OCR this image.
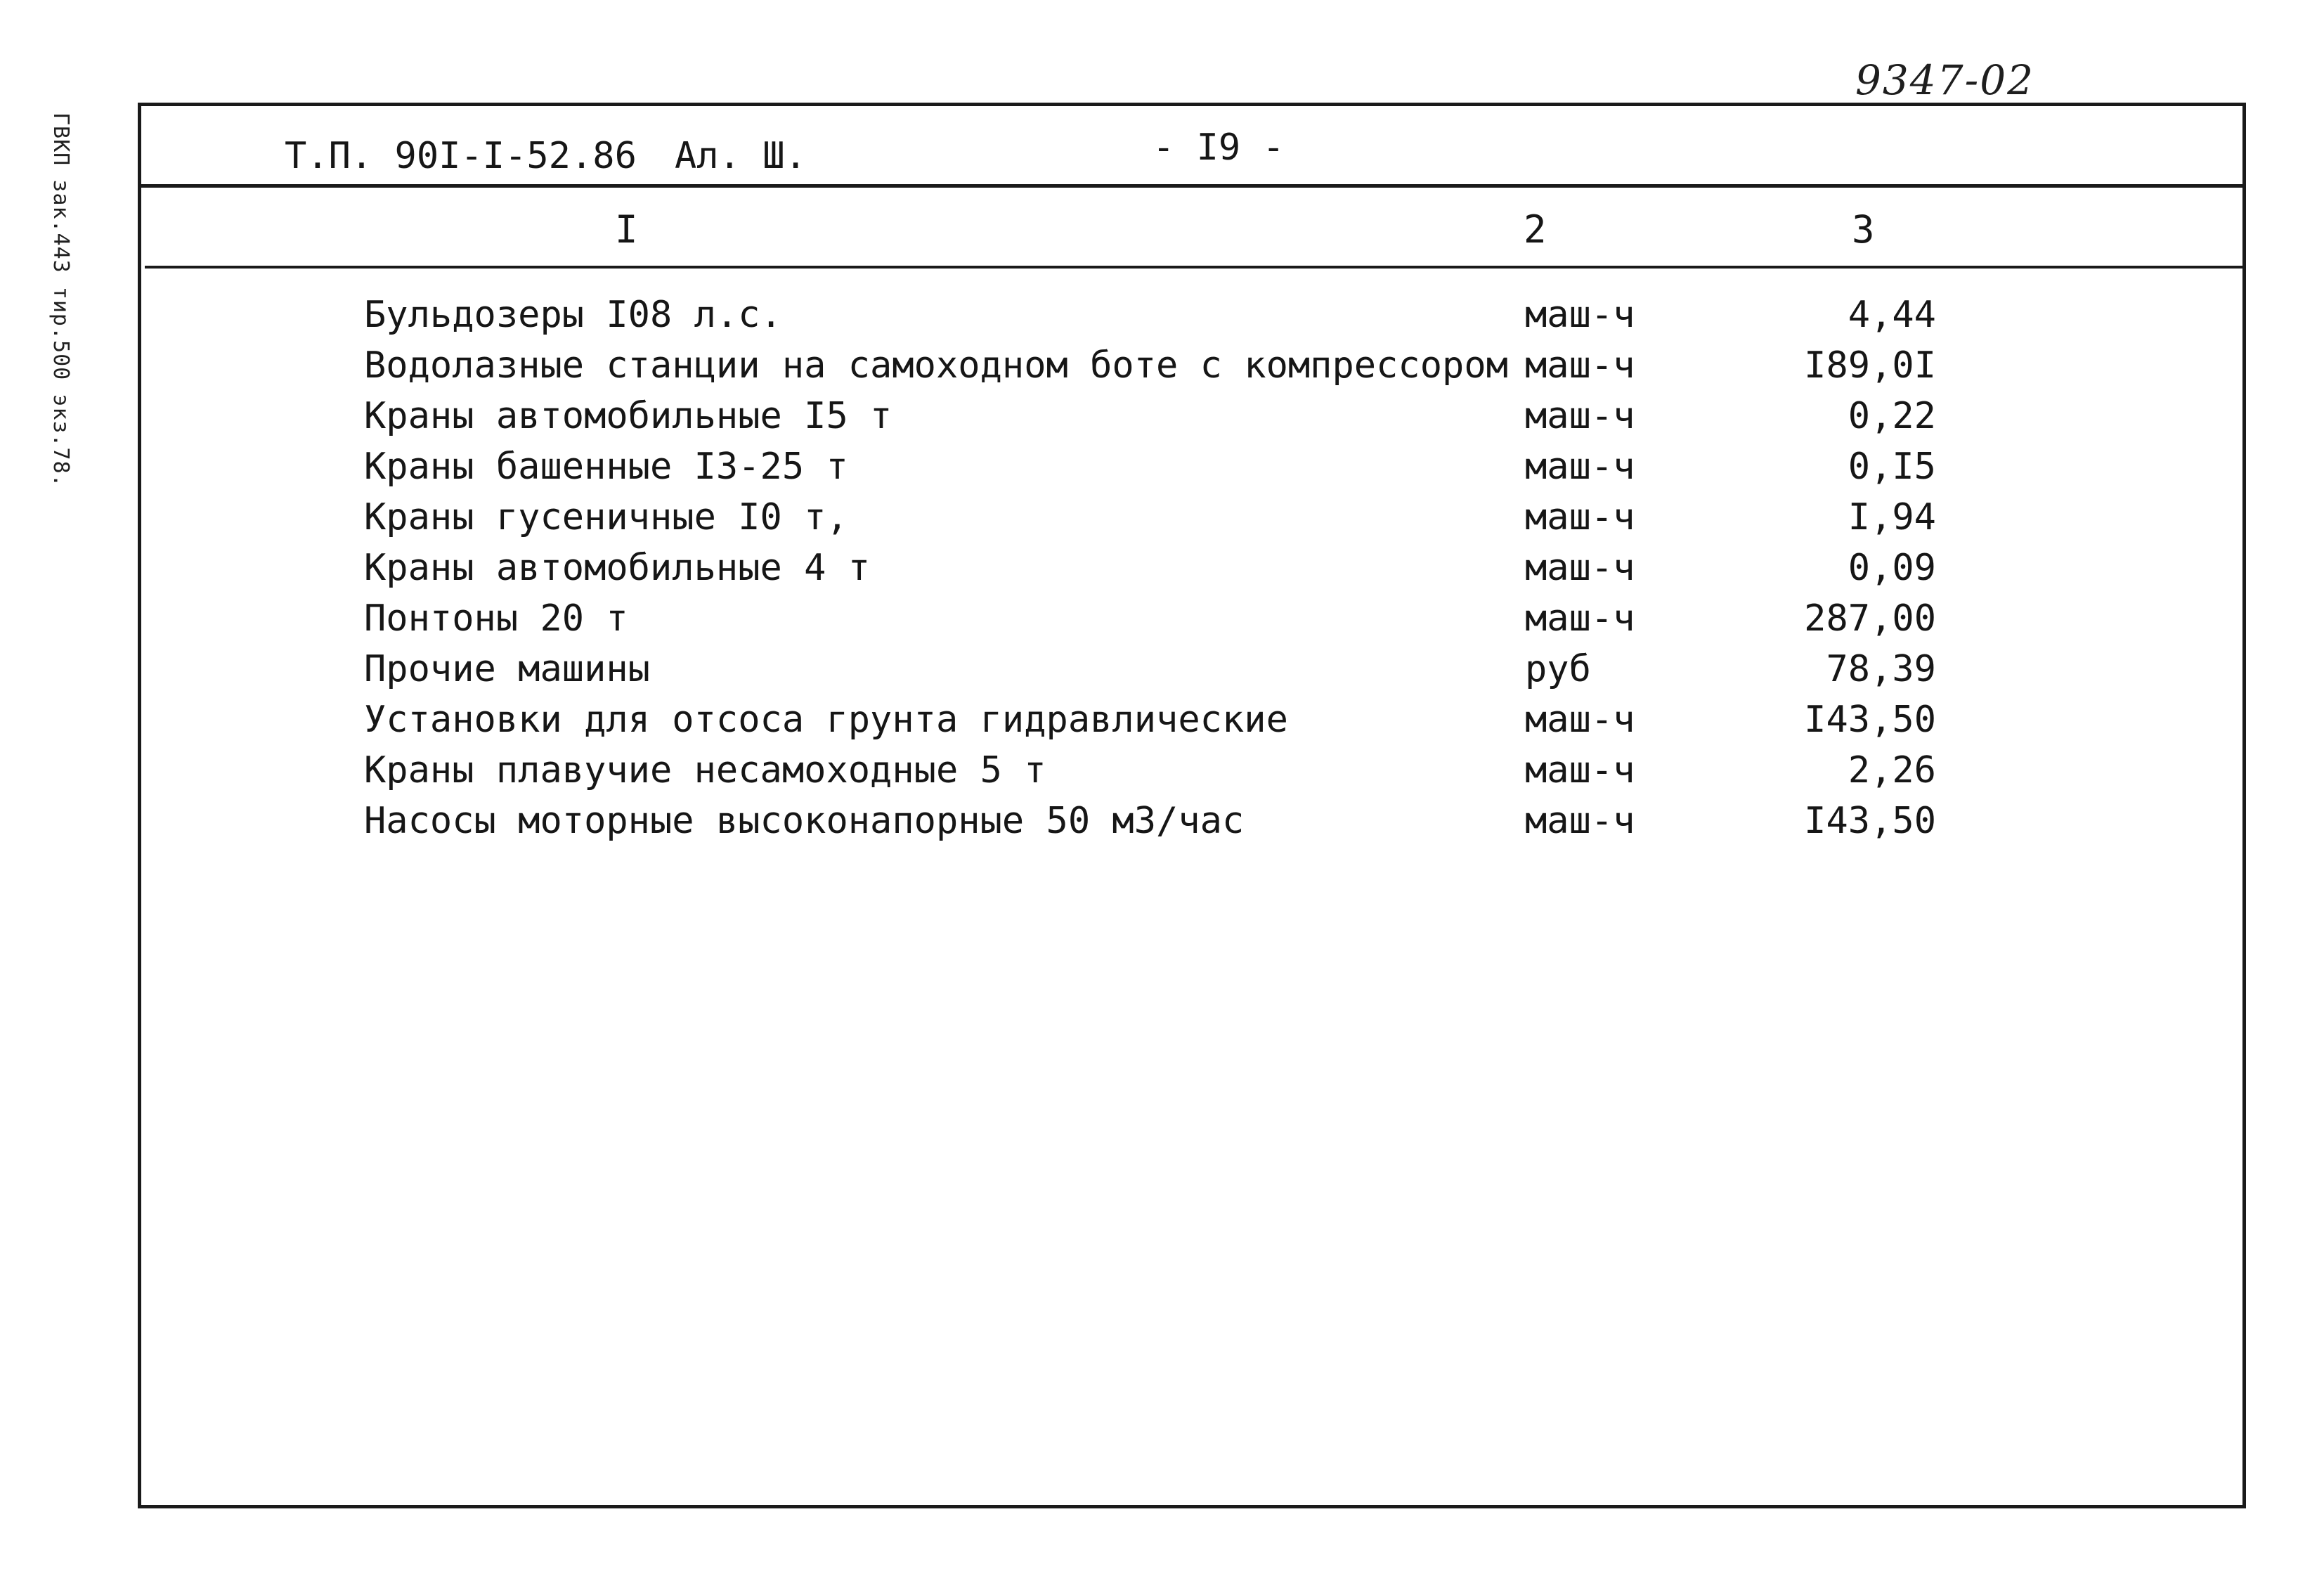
9347-02
ГВКП зак.443 тир.500 экз.78.	Т.П. 90I-I-52.86 Ал. Ш.	- I9 -
I	2	3
Бульдозеры I08 л.с.	маш-ч	4,44
Водолазные станции на самоходном боте с компрессором маш-ч	I89,0I
Краны автомобильные I5 т	маш-ч	0,22
Краны башенные I3-25 т	маш-ч	0,I5
Краны гусеничные I0 т,	маш-ч	I,94
Краны автомобильные 4 т	маш-ч	0,09
Понтоны 20 т	маш-ч	287,00
Прочие машины	руб	78,39
Установки для отсоса грунта гидравлические	маш-ч	I43,50
Краны плавучие несамоходные 5 т	маш-ч	2,26
Насосы моторные высоконапорные 50 м3/час	маш-ч	I43,50
